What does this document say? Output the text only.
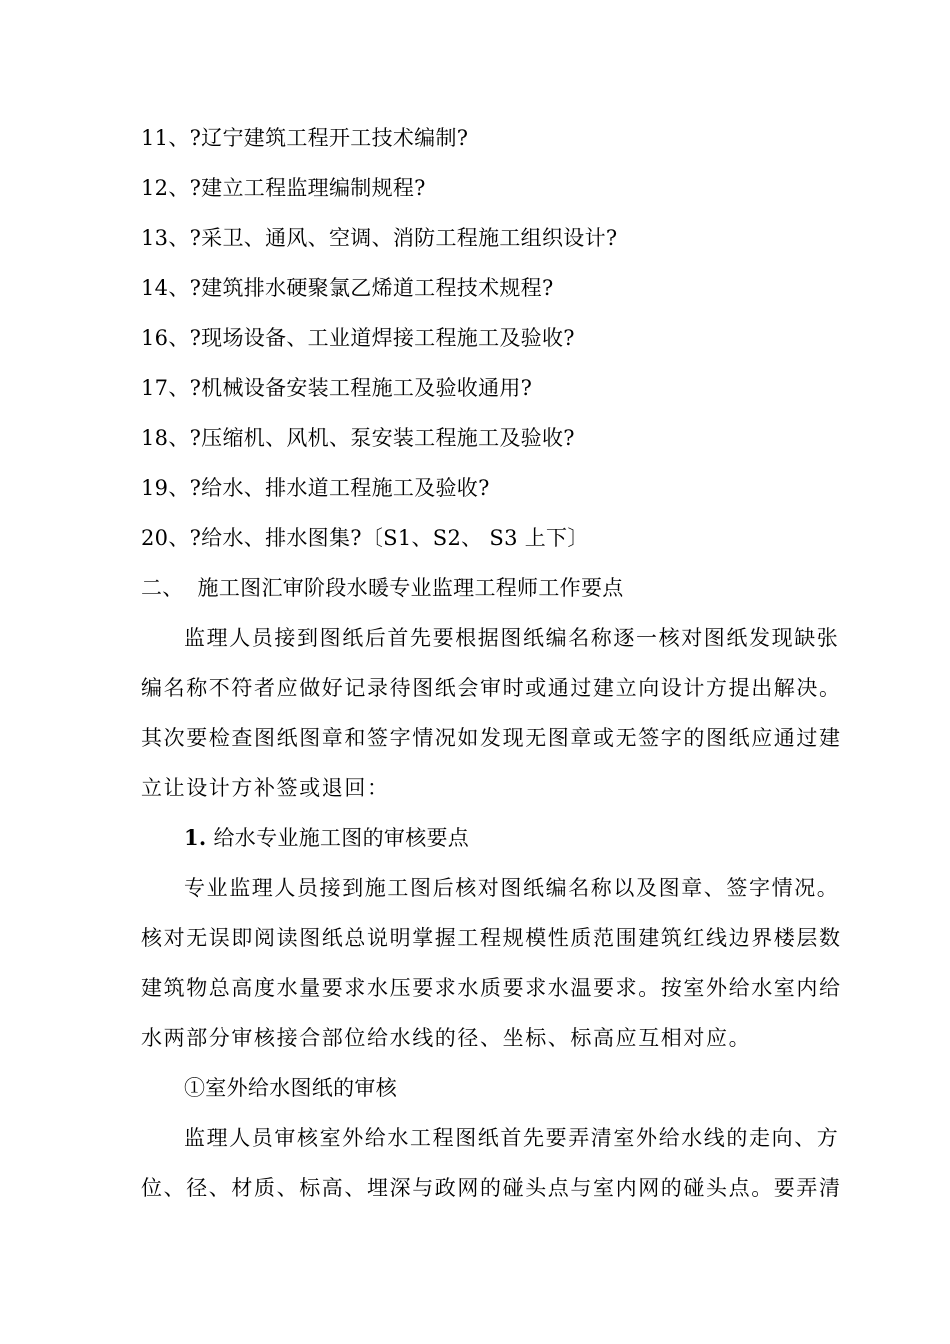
11、?辽宁建筑工程开工技术编制?
12、?建立工程监理编制规程?
13、?采卫、通风、空调、消防工程施工组织设计?
14、?建筑排水硬聚氯乙烯道工程技术规程?
16、?现场设备、工业道焊接工程施工及验收?
17、?机械设备安装工程施工及验收通用?
18、?压缩机、风机、泵安装工程施工及验收?
19、?给水、排水道工程施工及验收?
20、?给水、排水图集?〔S1、S2、 S3 上下〕
二、  施工图汇审阶段水暖专业监理工程师工作要点
监理人员接到图纸后首先要根据图纸编名称逐一核对图纸发现缺张
编名称不符者应做好记录待图纸会审时或通过建立向设计方提出解决。
其次要检查图纸图章和签字情况如发现无图章或无签字的图纸应通过建
立让设计方补签或退回：
1. 给水专业施工图的审核要点
专业监理人员接到施工图后核对图纸编名称以及图章、签字情况。
核对无误即阅读图纸总说明掌握工程规模性质范围建筑红线边界楼层数
建筑物总高度水量要求水压要求水质要求水温要求。按室外给水室内给
水两部分审核接合部位给水线的径、坐标、标高应互相对应。
①室外给水图纸的审核
监理人员审核室外给水工程图纸首先要弄清室外给水线的走向、方
位、径、材质、标高、埋深与政网的碰头点与室内网的碰头点。要弄清
